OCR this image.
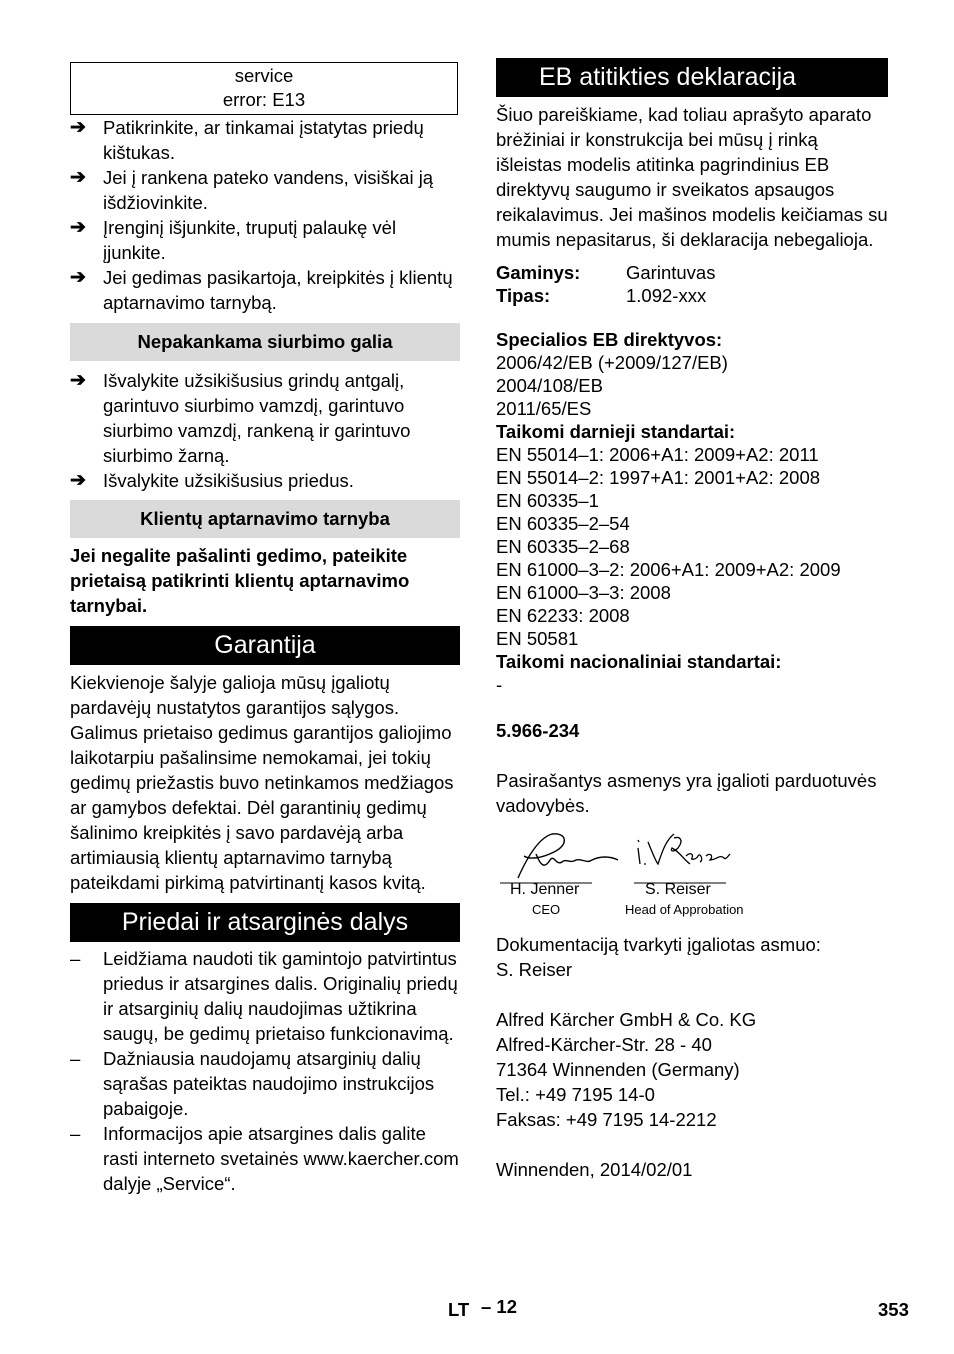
service
error: E13
➔ Patikrinkite, ar tinkamai įstatytas priedų kištukas.
➔ Jei į rankena pateko vandens, visiškai ją išdžiovinkite.
➔ Įrenginį išjunkite, truputį palaukę vėl įjunkite.
➔ Jei gedimas pasikartoja, kreipkitės į klientų aptarnavimo tarnybą.
Nepakankama siurbimo galia
➔ Išvalykite užsikišusius grindų antgalį, garintuvo siurbimo vamzdį, garintuvo siurbimo vamzdį, rankeną ir garintuvo siurbimo žarną.
➔ Išvalykite užsikišusius priedus.
Klientų aptarnavimo tarnyba

Jei negalite pašalinti gedimo, pateikite prietaisą patikrinti klientų aptarnavimo tarnybai.

Garantija

Kiekvienoje šalyje galioja mūsų įgaliotų pardavėjų nustatytos garantijos sąlygos. Galimus prietaiso gedimus garantijos galiojimo laikotarpiu pašalinsime nemokamai, jei tokių gedimų priežastis buvo netinkamos medžiagos ar gamybos defektai. Dėl garantinių gedimų šalinimo kreipkitės į savo pardavėją arba artimiausią klientų aptarnavimo tarnybą pateikdami pirkimą patvirtinantį kasos kvitą.

Priedai ir atsarginės dalys
– Leidžiama naudoti tik gamintojo patvirtintus priedus ir atsargines dalis. Originalių priedų ir atsarginių dalių naudojimas užtikrina saugų, be gedimų prietaiso funkcionavimą.
– Dažniausia naudojamų atsarginių dalių sąrašas pateiktas naudojimo instrukcijos pabaigoje.
– Informacijos apie atsargines dalis galite rasti interneto svetainės www.kaercher.com dalyje „Service“.
EB atitikties deklaracija

Šiuo pareiškiame, kad toliau aprašyto aparato brėžiniai ir konstrukcija bei mūsų į rinką išleistas modelis atitinka pagrindinius EB direktyvų saugumo ir sveikatos apsaugos reikalavimus. Jei mašinos modelis keičiamas su mumis nepasitarus, ši deklaracija nebegalioja.

Gaminys:	Garintuvas
Tipas:	1.092-xxx
Specialios EB direktyvos:
2006/42/EB (+2009/127/EB)
2004/108/EB
2011/65/ES
Taikomi darnieji standartai:
EN 55014–1: 2006+A1: 2009+A2: 2011
EN 55014–2: 1997+A1: 2001+A2: 2008
EN 60335–1
EN 60335–2–54
EN 60335–2–68
EN 61000–3–2: 2006+A1: 2009+A2: 2009
EN 61000–3–3: 2008
EN 62233: 2008
EN 50581
Taikomi nacionaliniai standartai:
-

5.966-234

Pasirašantys asmenys yra įgalioti parduotuvės vadovybės.

H. Jenner
CEO
S. Reiser
Head of Approbation

Dokumentaciją tvarkyti įgaliotas asmuo:

S. Reiser

Alfred Kärcher GmbH & Co. KG
Alfred-Kärcher-Str. 28 - 40
71364 Winnenden (Germany)
Tel.: +49 7195 14-0
Faksas: +49 7195 14-2212

Winnenden, 2014/02/01

LT – 12	353
